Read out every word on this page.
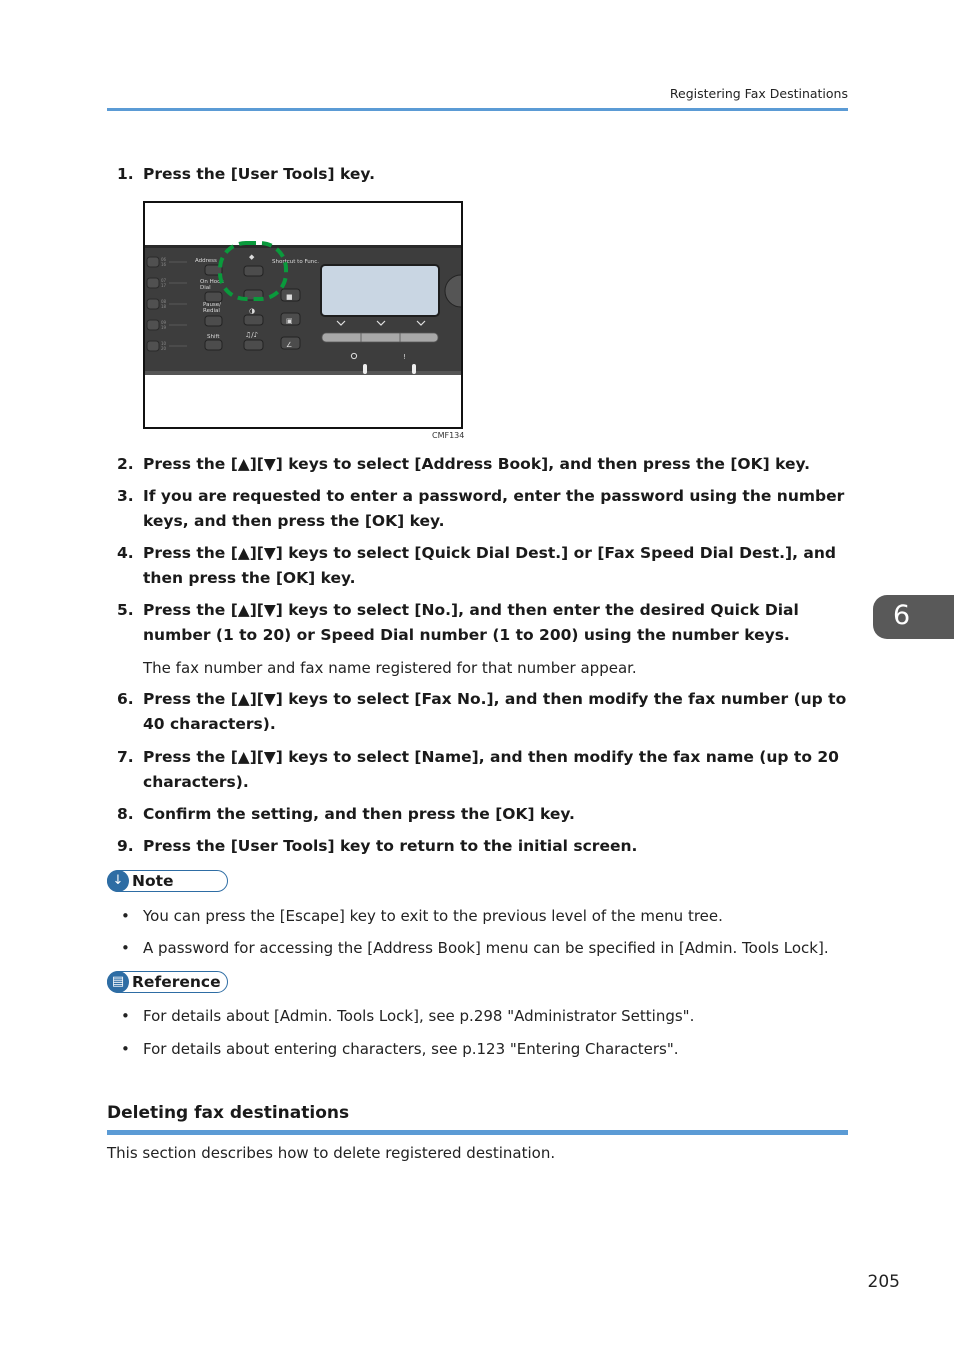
Registering Fax Destinations
1. Press the [User Tools] key.
06
16
07
17
08
18
09
19
10
20
Address	Shortcut to Func.
On Hook
Dial
Pause/
Redial
Shift
◆
◑
♫/♪
■
▣
∠
!
CMF134
2. Press the [▲][▼] keys to select [Address Book], and then press the [OK] key.
3. If you are requested to enter a password, enter the password using the number keys, and then press the [OK] key.
4. Press the [▲][▼] keys to select [Quick Dial Dest.] or [Fax Speed Dial Dest.], and then press the [OK] key.
5. Press the [▲][▼] keys to select [No.], and then enter the desired Quick Dial number (1 to 20) or Speed Dial number (1 to 200) using the number keys.
The fax number and fax name registered for that number appear.
6. Press the [▲][▼] keys to select [Fax No.], and then modify the fax number (up to 40 characters).
7. Press the [▲][▼] keys to select [Name], and then modify the fax name (up to 20 characters).
8. Confirm the setting, and then press the [OK] key.
9. Press the [User Tools] key to return to the initial screen.
↓ Note
• You can press the [Escape] key to exit to the previous level of the menu tree.
• A password for accessing the [Address Book] menu can be specified in [Admin. Tools Lock].
▤ Reference
• For details about [Admin. Tools Lock], see p.298 "Administrator Settings".
• For details about entering characters, see p.123 "Entering Characters".
Deleting fax destinations
This section describes how to delete registered destination.
6
205
